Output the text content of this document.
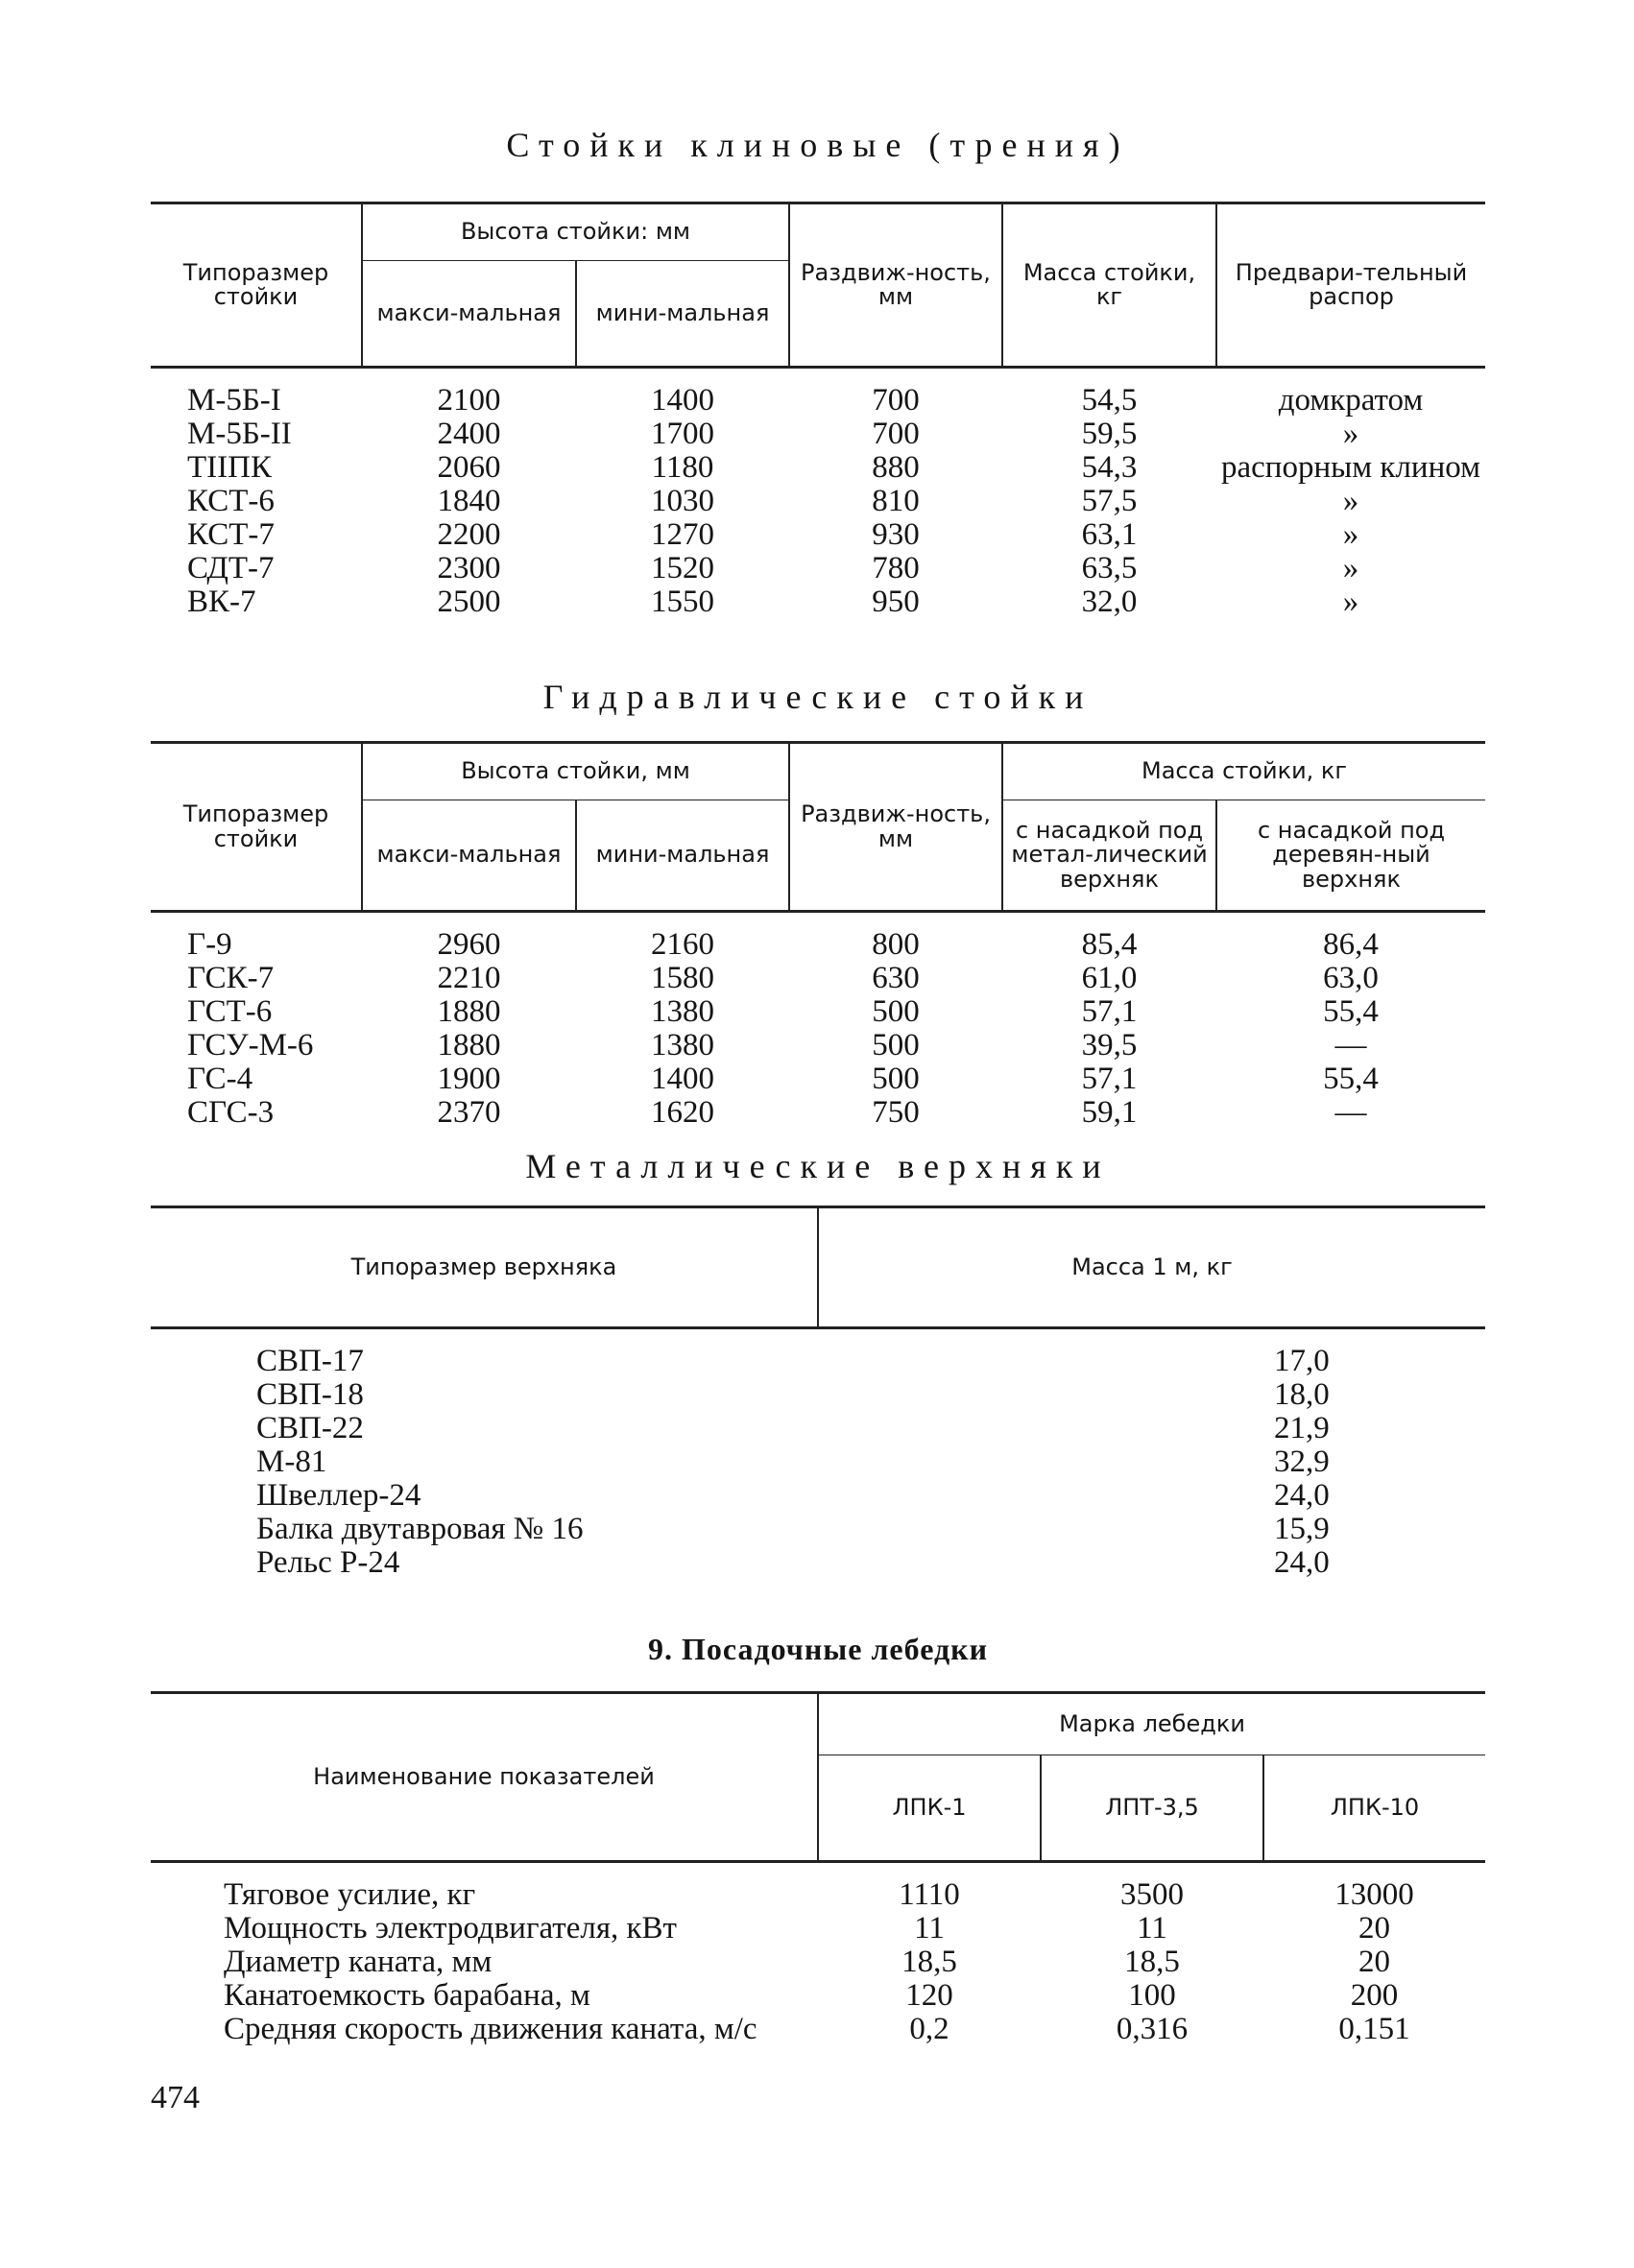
Стойки клиновые (трения)
Типоразмер стойки	Высота стойки: мм		Раздвиж-ность, мм	Масса стойки, кг	Предвари-тельный распор
	макси-мальная	мини-мальная			
М-5Б-I	2100	1400	700	54,5	домкратом
М-5Б-II	2400	1700	700	59,5	»
ТIIПК	2060	1180	880	54,3	распорным клином
КСТ-6	1840	1030	810	57,5	»
КСТ-7	2200	1270	930	63,1	»
СДТ-7	2300	1520	780	63,5	»
ВК-7	2500	1550	950	32,0	»
Гидравлические стойки
Типоразмер стойки	Высота стойки, мм		Раздвиж-ность, мм	Масса стойки, кг	
	макси-мальная	мини-мальная		с насадкой под метал-лический верхняк	с насадкой под деревян-ный верхняк
Г-9	2960	2160	800	85,4	86,4
ГСК-7	2210	1580	630	61,0	63,0
ГСТ-6	1880	1380	500	57,1	55,4
ГСУ-М-6	1880	1380	500	39,5	—
ГС-4	1900	1400	500	57,1	55,4
СГС-3	2370	1620	750	59,1	—
Металлические верхняки
Типоразмер верхняка	Масса 1 м, кг
СВП-17	17,0
СВП-18	18,0
СВП-22	21,9
М-81	32,9
Швеллер-24	24,0
Балка двутавровая № 16	15,9
Рельс Р-24	24,0
9. Посадочные лебедки
Наименование показателей	Марка лебедки		
	ЛПК-1	ЛПТ-3,5	ЛПК-10
Тяговое усилие, кг	1110	3500	13000
Мощность электродвигателя, кВт	11	11	20
Диаметр каната, мм	18,5	18,5	20
Канатоемкость барабана, м	120	100	200
Средняя скорость движения каната, м/с	0,2	0,316	0,151
474
